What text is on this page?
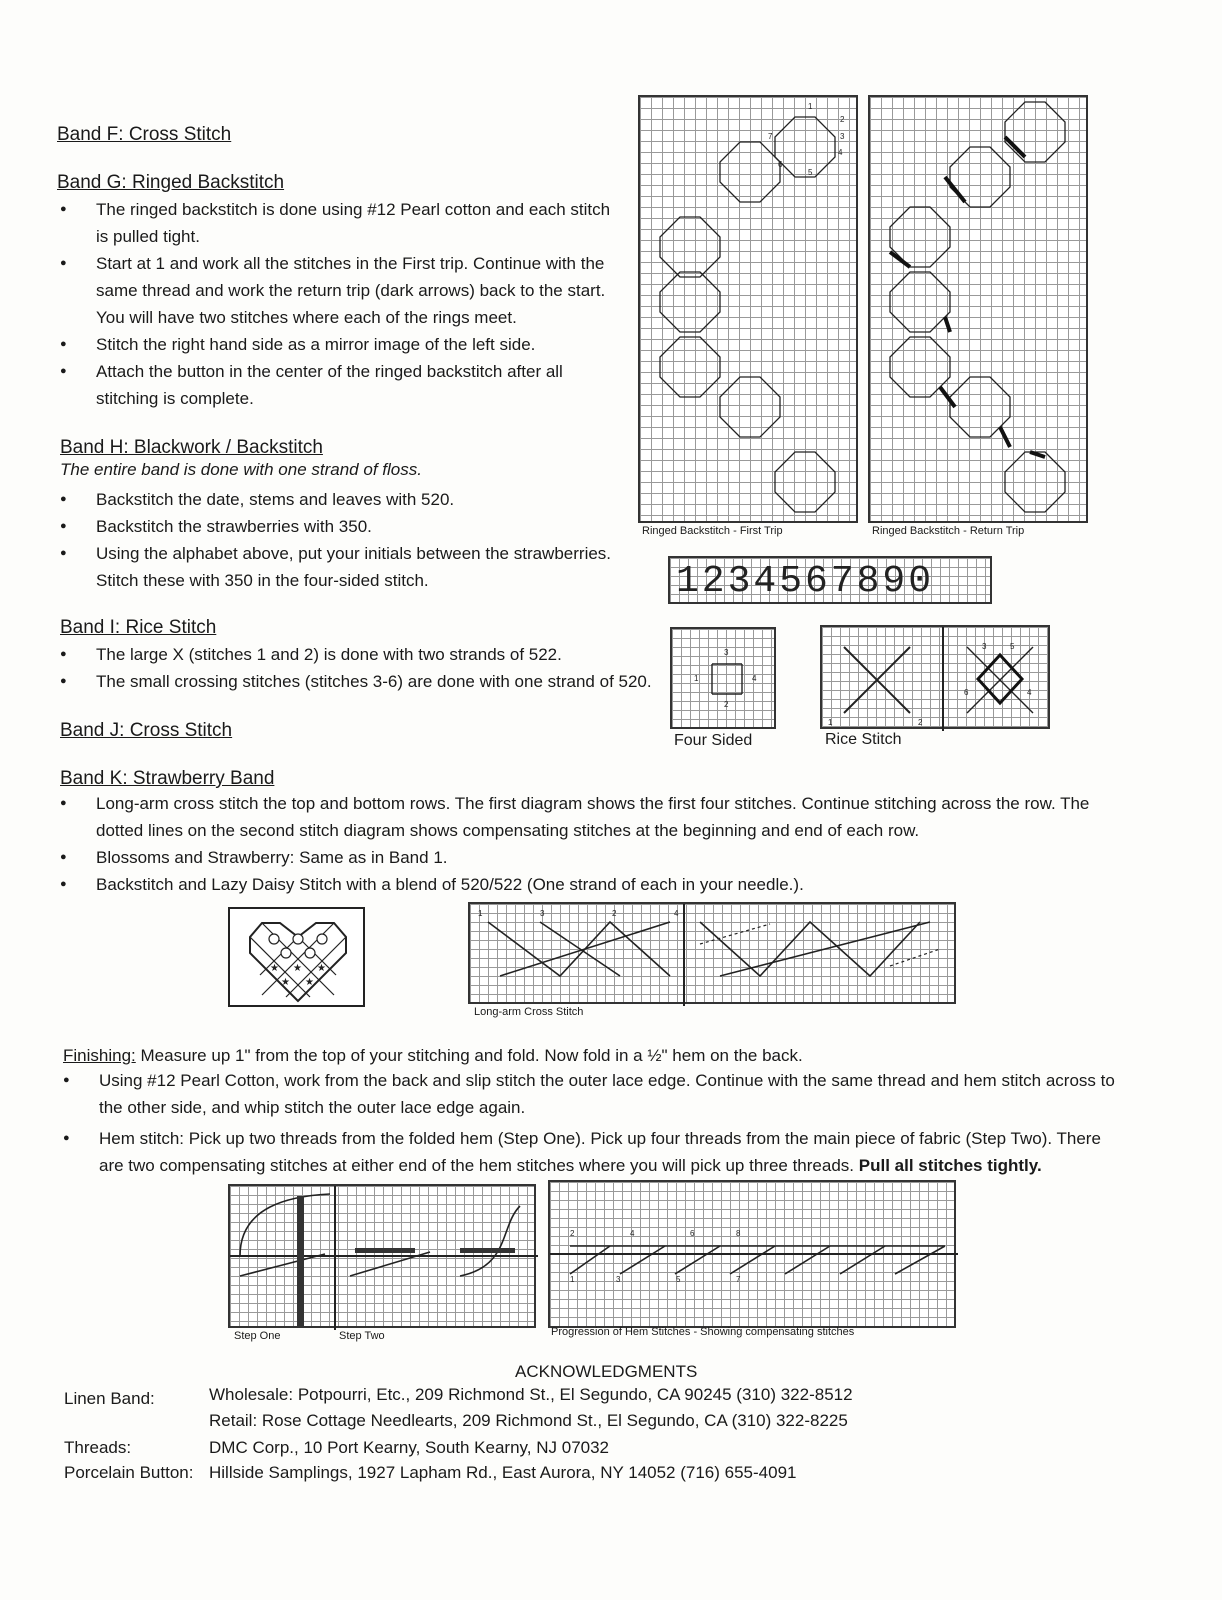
Band F: Cross Stitch
Band G: Ringed Backstitch
● The ringed backstitch is done using #12 Pearl cotton and each stitch is pulled tight.
● Start at 1 and work all the stitches in the First trip. Continue with the same thread and work the return trip (dark arrows) back to the start. You will have two stitches where each of the rings meet.
● Stitch the right hand side as a mirror image of the left side.
● Attach the button in the center of the ringed backstitch after all stitching is complete.
Band H: Blackwork / Backstitch
The entire band is done with one strand of floss.
● Backstitch the date, stems and leaves with 520.
● Backstitch the strawberries with 350.
● Using the alphabet above, put your initials between the strawberries. Stitch these with 350 in the four-sided stitch.
Band I: Rice Stitch
● The large X (stitches 1 and 2) is done with two strands of 522.
● The small crossing stitches (stitches 3-6) are done with one strand of 520.
Band J: Cross Stitch
Band K: Strawberry Band
● Long-arm cross stitch the top and bottom rows. The first diagram shows the first four stitches. Continue stitching across the row. The dotted lines on the second stitch diagram shows compensating stitches at the beginning and end of each row.
● Blossoms and Strawberry: Same as in Band 1.
● Backstitch and Lazy Daisy Stitch with a blend of 520/522 (One strand of each in your needle.).
1
2
3
4
5
6
7
Ringed Backstitch - First Trip	Ringed Backstitch - Return Trip
1234567890
1
2
3
4
Four Sided
1	2
3
4
5
6
Rice Stitch
★ ★ ★
★ ★
1	2
3	4
Long-arm Cross Stitch
Finishing: Measure up 1" from the top of your stitching and fold. Now fold in a ½" hem on the back.
● Using #12 Pearl Cotton, work from the back and slip stitch the outer lace edge. Continue with the same thread and hem stitch across to the other side, and whip stitch the outer lace edge again.
● Hem stitch: Pick up two threads from the folded hem (Step One). Pick up four threads from the main piece of fabric (Step Two). There are two compensating stitches at either end of the hem stitches where you will pick up three threads. Pull all stitches tightly.
Step One	Step Two
2	4	6	8
1	3	5	7
Progression of Hem Stitches - Showing compensating stitches
ACKNOWLEDGMENTS
Linen Band:	Wholesale: Potpourri, Etc., 209 Richmond St., El Segundo, CA 90245 (310) 322-8512
Retail: Rose Cottage Needlearts, 209 Richmond St., El Segundo, CA (310) 322-8225
Threads:	DMC Corp., 10 Port Kearny, South Kearny, NJ 07032
Porcelain Button: Hillside Samplings, 1927 Lapham Rd., East Aurora, NY 14052 (716) 655-4091
